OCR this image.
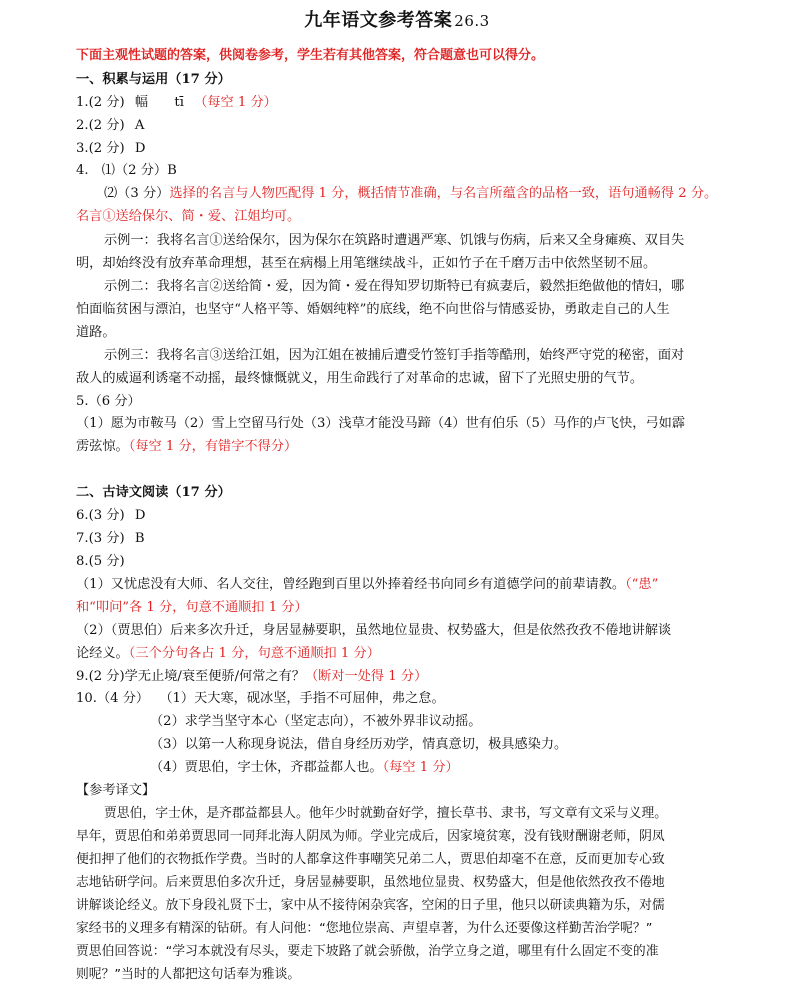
九年语文参考答案 26.3
下面主观性试题的答案，供阅卷参考，学生若有其他答案，符合题意也可以得分。
一、积累与运用（17 分）
1.(2 分) 幅　　tī （每空 1 分）
2.(2 分) A
3.(2 分) D
4.　⑴（2 分）B
⑵（3 分）选择的名言与人物匹配得 1 分，概括情节准确，与名言所蕴含的品格一致，语句通畅得 2 分。
名言①送给保尔、简・爱、江姐均可。
示例一：我将名言①送给保尔，因为保尔在筑路时遭遇严寒、饥饿与伤病，后来又全身瘫痪、双目失
明，却始终没有放弃革命理想，甚至在病榻上用笔继续战斗，正如竹子在千磨万击中依然坚韧不屈。
示例二：我将名言②送给简・爱，因为简・爱在得知罗切斯特已有疯妻后，毅然拒绝做他的情妇，哪
怕面临贫困与漂泊，也坚守“人格平等、婚姻纯粹”的底线，绝不向世俗与情感妥协，勇敢走自己的人生
道路。
示例三：我将名言③送给江姐，因为江姐在被捕后遭受竹签钉手指等酷刑，始终严守党的秘密，面对
敌人的威逼利诱毫不动摇，最终慷慨就义，用生命践行了对革命的忠诚，留下了光照史册的气节。
5.（6 分）
（1）愿为市鞍马（2）雪上空留马行处（3）浅草才能没马蹄（4）世有伯乐（5）马作的卢飞快，弓如霹
雳弦惊。（每空 1 分，有错字不得分）
二、古诗文阅读（17 分）
6.(3 分) D
7.(3 分) B
8.(5 分)
（1）又忧虑没有大师、名人交往，曾经跑到百里以外捧着经书向同乡有道德学问的前辈请教。（“患”
和“叩问”各 1 分，句意不通顺扣 1 分）
（2）（贾思伯）后来多次升迁，身居显赫要职，虽然地位显贵、权势盛大，但是依然孜孜不倦地讲解谈
论经义。（三个分句各占 1 分，句意不通顺扣 1 分）
9.(2 分)学无止境/衰至便骄/何常之有？（断对一处得 1 分）
10.（4 分） （1）天大寒，砚冰坚，手指不可屈伸，弗之怠。
（2）求学当坚守本心（坚定志向），不被外界非议动摇。
（3）以第一人称现身说法，借自身经历劝学，情真意切，极具感染力。
（4）贾思伯，字士休，齐郡益都人也。（每空 1 分）
【参考译文】
贾思伯，字士休，是齐郡益都县人。他年少时就勤奋好学，擅长草书、隶书，写文章有文采与义理。
早年，贾思伯和弟弟贾思同一同拜北海人阴凤为师。学业完成后，因家境贫寒，没有钱财酬谢老师，阴凤
便扣押了他们的衣物抵作学费。当时的人都拿这件事嘲笑兄弟二人，贾思伯却毫不在意，反而更加专心致
志地钻研学问。后来贾思伯多次升迁，身居显赫要职，虽然地位显贵、权势盛大，但是他依然孜孜不倦地
讲解谈论经义。放下身段礼贤下士，家中从不接待闲杂宾客，空闲的日子里，他只以研读典籍为乐，对儒
家经书的义理多有精深的钻研。有人问他：“您地位崇高、声望卓著，为什么还要像这样勤苦治学呢？”
贾思伯回答说：“学习本就没有尽头，要走下坡路了就会骄傲，治学立身之道，哪里有什么固定不变的准
则呢？”当时的人都把这句话奉为雅谈。
